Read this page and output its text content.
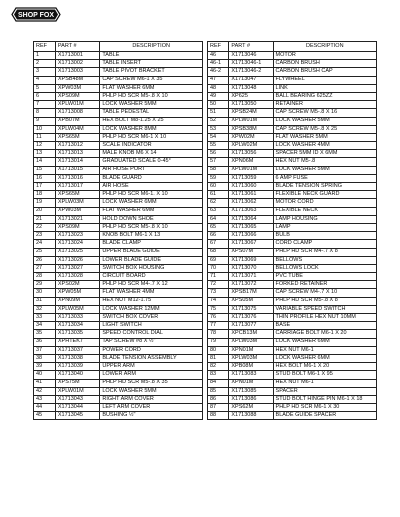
SHOP FOX
REF	PART #	DESCRIPTION
1	X1713001	TABLE
2	X1713002	TABLE INSERT
3	X1713003	TABLE PIVOT BRACKET
4	XPSB48M	CAP SCREW M6-1 X 35
5	XPW03M	FLAT WASHER 6MM
6	XPS09M	PHLP HD SCR M5-.8 X 10
7	XPLW01M	LOCK WASHER 5MM
8	X1713008	TABLE PEDESTAL
9	XPB07M	HEX BOLT M8-1.25 X 25
10	XPLW04M	LOCK WASHER 8MM
11	XPS65M	PHLP HD SCR M6-1 X 10
12	X1713012	SCALE INDICATOR
13	X1713013	MALE KNOB M6 X 14
14	X1713014	GRADUATED SCALE 0-45°
15	X1713015	AIR HOSE PORT
16	X1713016	BLADE GUARD
17	X1713017	AIR HOSE
18	XPS65M	PHLP HD SCR M6-1. X 10
19	XPLW03M	LOCK WASHER 6MM
20	XPW03M	FLAT WASHER 6MM
21	X1713021	HOLD DOWN SHOE
22	XPS09M	PHLP HD SCR M5-.8 X 10
23	X1713023	KNOB BOLT M6-1 X 13
24	X1713024	BLADE CLAMP
25	X1713025	UPPER BLADE GUIDE
26	X1713026	LOWER BLADE GUIDE
27	X1713027	SWITCH BOX HOUSING
28	X1713028	CIRCUIT BOARD
29	XPS02M	PHLP HD SCR M4-.7 X 12
30	XPW05M	FLAT WASHER 4MM
31	XPN09M	HEX NUT M12-1.75
32	XPLW05M	LOCK WASHER 12MM
33	X1713033	SWITCH BOX COVER
34	X1713034	LIGHT SWITCH
35	X1713035	SPEED CONTROL DIAL
36	XPHTEK7	TAP SCREW #8 X ½"
37	X1713037	POWER CORD
38	X1713038	BLADE TENSION ASSEMBLY
39	X1713039	UPPER ARM
40	X1713040	LOWER ARM
41	XPS75M	PHLP HD SCR M5-.8 X 35
42	XPLW01M	LOCK WASHER 5MM
43	X1713043	RIGHT ARM COVER
44	X1713044	LEFT ARM COVER
45	X1713045	BUSHING ½"
REF	PART #	DESCRIPTION
46	X1713046	MOTOR
46-1	X1713046-1	CARBON BRUSH
46-2	X1713046-2	CARBON BRUSH CAP
47	X1713047	FLYWHEEL
48	X1713048	LINK
49	XP625	BALL BEARING 625ZZ
50	X1713050	RETAINER
51	XPSB24M	CAP SCREW M5-.8 X 16
52	XPLW01M	LOCK WASHER 5MM
53	XPSB38M	CAP SCREW M5-.8 X 25
54	XPW02M	FLAT WASHER 5MM
55	XPLW02M	LOCK WASHER 4MM
56	X1713056	SPACER 5MM ID X 6MM
57	XPN06M	HEX NUT M5-.8
58	XPLW01M	LOCK WASHER 5MM
59	X1713059	6 AMP FUSE
60	X1713060	BLADE TENSION SPRING
61	X1713061	FLEXIBLE NECK GUARD
62	X1713062	MOTOR CORD
63	X1713063	FLEXIBLE NECK
64	X1713064	LAMP HOUSING
65	X1713065	LAMP
66	X1713066	BULB
67	X1713067	CORD CLAMP
68	XPS07M	PHLP HD SCR M4-.7 X 8
69	X1713069	BELLOWS
70	X1713070	BELLOWS LOCK
71	X1713071	PVC TUBE
72	X1713072	FORKED RETAINER
73	XPSB17M	CAP SCREW M4-.7 X 10
74	XPS05M	PHLP HD SCR M5-.8 X 8
75	X1713075	VARIABLE SPEED SWITCH
76	X1713076	THIN PROFILE HEX NUT 10MM
77	X1713077	BASE
78	XPCB13M	CARRIAGE BOLT M6-1 X 20
79	XPLW03M	LOCK WASHER 6MM
80	XPN01M	HEX NUT M6-1
81	XPLW03M	LOCK WASHER 6MM
82	XPB08M	HEX BOLT M6-1 X 20
83	X1713083	STUD BOLT M6-1 X 95
84	XPN01M	HEX NUT M6-1
85	X1713085	SPACER
86	X1713086	STUD BOLT HINGE PIN M6-1 X 18
87	XPS62M	PHLP HD SCR M6-1 X 30
88	X1713088	BLADE GUIDE SPACER
